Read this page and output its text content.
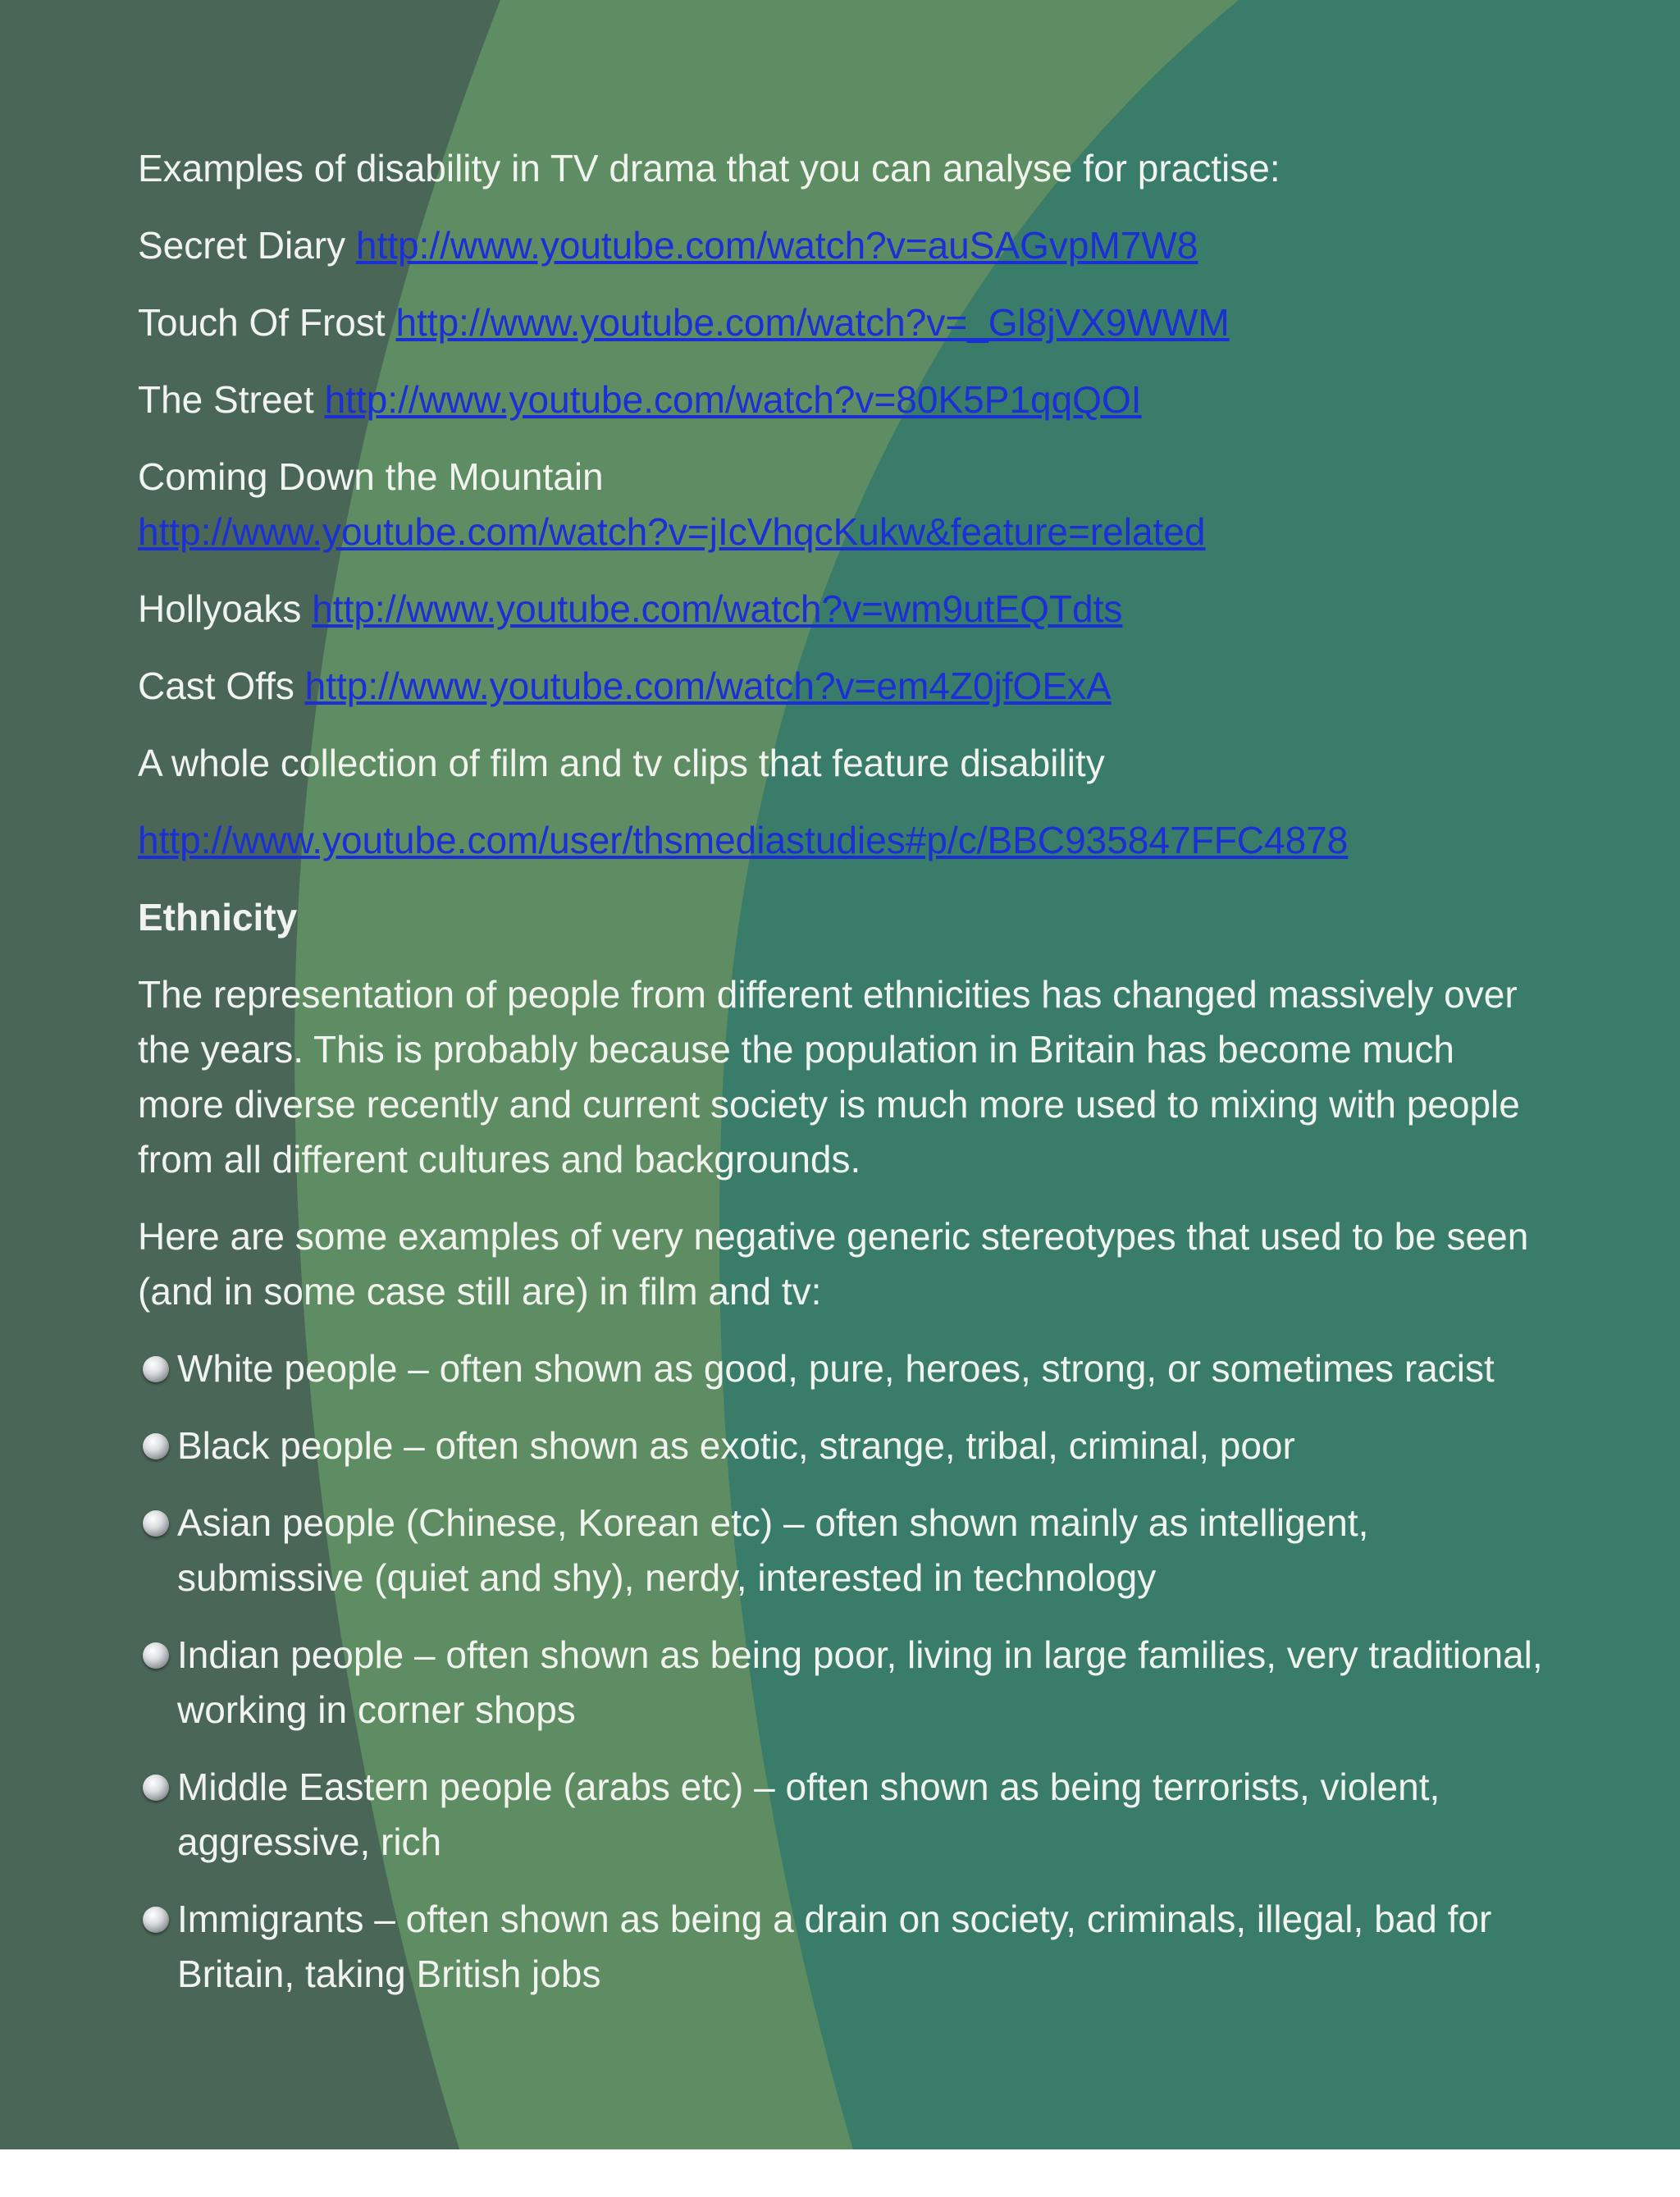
Examples of disability in TV drama that you can analyse for practise:

Secret Diary http://www.youtube.com/watch?v=auSAGvpM7W8

Touch Of Frost http://www.youtube.com/watch?v=_Gl8jVX9WWM

The Street http://www.youtube.com/watch?v=80K5P1qqQOI

Coming Down the Mountain
http://www.youtube.com/watch?v=jIcVhqcKukw&feature=related

Hollyoaks http://www.youtube.com/watch?v=wm9utEQTdts

Cast Offs http://www.youtube.com/watch?v=em4Z0jfOExA

A whole collection of film and tv clips that feature disability

http://www.youtube.com/user/thsmediastudies#p/c/BBC935847FFC4878

Ethnicity

The representation of people from different ethnicities has changed massively over the years. This is probably because the population in Britain has become much more diverse recently and current society is much more used to mixing with people from all different cultures and backgrounds.

Here are some examples of very negative generic stereotypes that used to be seen (and in some case still are) in film and tv:

White people – often shown as good, pure, heroes, strong, or sometimes racist
Black people – often shown as exotic, strange, tribal, criminal, poor
Asian people (Chinese, Korean etc) – often shown mainly as intelligent, submissive (quiet and shy), nerdy, interested in technology
Indian people – often shown as being poor, living in large families, very traditional, working in corner shops
Middle Eastern people (arabs etc) – often shown as being terrorists, violent, aggressive, rich
Immigrants – often shown as being a drain on society, criminals, illegal, bad for Britain, taking British jobs
